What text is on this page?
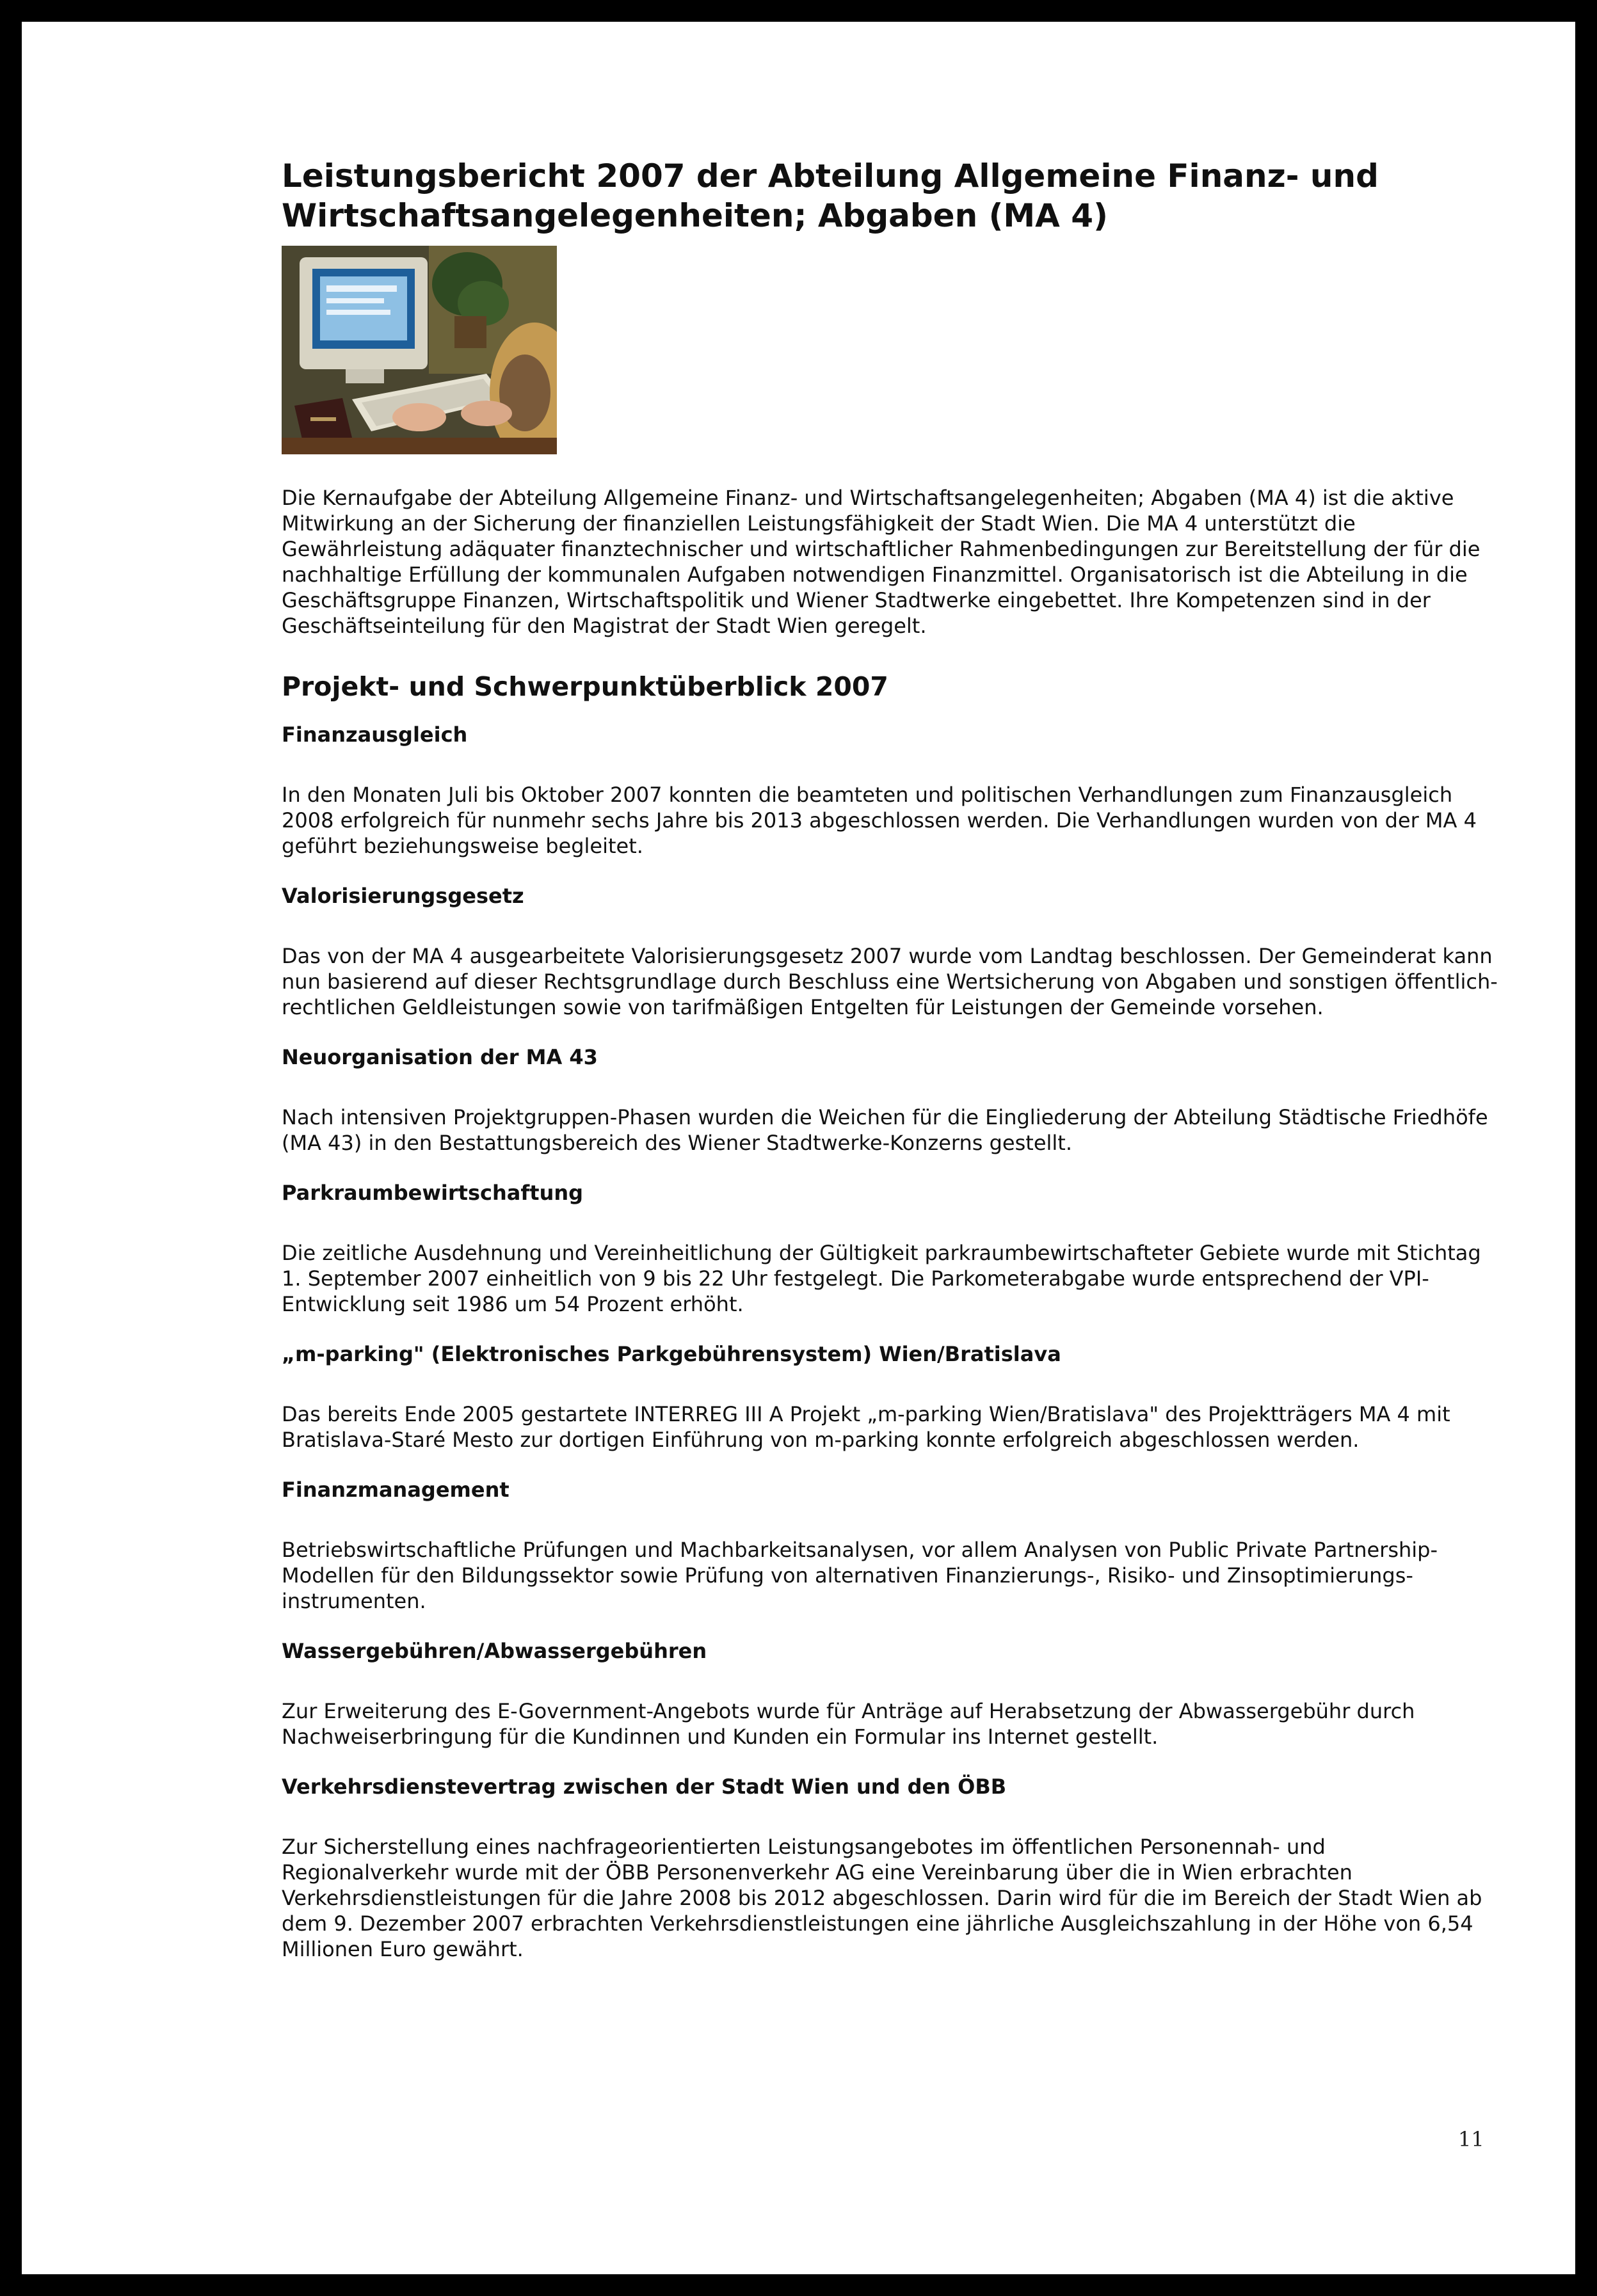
Leistungsbericht 2007 der Abteilung Allgemeine Finanz- und Wirtschaftsangelegenheiten; Abgaben (MA 4)

Die Kernaufgabe der Abteilung Allgemeine Finanz- und Wirtschaftsangelegenheiten; Abgaben (MA 4) ist die aktive Mitwirkung an der Sicherung der finanziellen Leistungsfähigkeit der Stadt Wien. Die MA 4 unterstützt die Gewährleistung adäquater finanztechnischer und wirtschaftlicher Rahmenbedingungen zur Bereitstellung der für die nachhaltige Erfüllung der kommunalen Aufgaben notwendigen Finanzmittel. Organisatorisch ist die Abteilung in die Geschäftsgruppe Finanzen, Wirtschaftspolitik und Wiener Stadtwerke eingebettet. Ihre Kompetenzen sind in der Geschäftseinteilung für den Magistrat der Stadt Wien geregelt.

Projekt- und Schwerpunktüberblick 2007
Finanzausgleich

In den Monaten Juli bis Oktober 2007 konnten die beamteten und politischen Verhandlungen zum Finanzausgleich 2008 erfolgreich für nunmehr sechs Jahre bis 2013 abgeschlossen werden. Die Verhandlungen wurden von der MA 4 geführt beziehungsweise begleitet.

Valorisierungsgesetz

Das von der MA 4 ausgearbeitete Valorisierungsgesetz 2007 wurde vom Landtag beschlossen. Der Gemeinderat kann nun basierend auf dieser Rechtsgrundlage durch Beschluss eine Wertsicherung von Abgaben und sonstigen öffentlich-rechtlichen Geldleistungen sowie von tarifmäßigen Entgelten für Leistungen der Gemeinde vorsehen.

Neuorganisation der MA 43

Nach intensiven Projektgruppen-Phasen wurden die Weichen für die Eingliederung der Abteilung Städtische Friedhöfe (MA 43) in den Bestattungsbereich des Wiener Stadtwerke-Konzerns gestellt.

Parkraumbewirtschaftung

Die zeitliche Ausdehnung und Vereinheitlichung der Gültigkeit parkraumbewirtschafteter Gebiete wurde mit Stichtag 1. September 2007 einheitlich von 9 bis 22 Uhr festgelegt. Die Parkometerabgabe wurde entsprechend der VPI-Entwicklung seit 1986 um 54 Prozent erhöht.

„m-parking" (Elektronisches Parkgebührensystem) Wien/Bratislava

Das bereits Ende 2005 gestartete INTERREG III A Projekt „m-parking Wien/Bratislava" des Projektträgers MA 4 mit Bratislava-Staré Mesto zur dortigen Einführung von m-parking konnte erfolgreich abgeschlossen werden.

Finanzmanagement

Betriebswirtschaftliche Prüfungen und Machbarkeitsanalysen, vor allem Analysen von Public Private Partnership-Modellen für den Bildungssektor sowie Prüfung von alternativen Finanzierungs-, Risiko- und Zinsoptimierungs-instrumenten.

Wassergebühren/Abwassergebühren

Zur Erweiterung des E-Government-Angebots wurde für Anträge auf Herabsetzung der Abwassergebühr durch Nachweiserbringung für die Kundinnen und Kunden ein Formular ins Internet gestellt.

Verkehrsdienstevertrag zwischen der Stadt Wien und den ÖBB

Zur Sicherstellung eines nachfrageorientierten Leistungsangebotes im öffentlichen Personennah- und Regionalverkehr wurde mit der ÖBB Personenverkehr AG eine Vereinbarung über die in Wien erbrachten Verkehrsdienstleistungen für die Jahre 2008 bis 2012 abgeschlossen. Darin wird für die im Bereich der Stadt Wien ab dem 9. Dezember 2007 erbrachten Verkehrsdienstleistungen eine jährliche Ausgleichszahlung in der Höhe von 6,54 Millionen Euro gewährt.

11
